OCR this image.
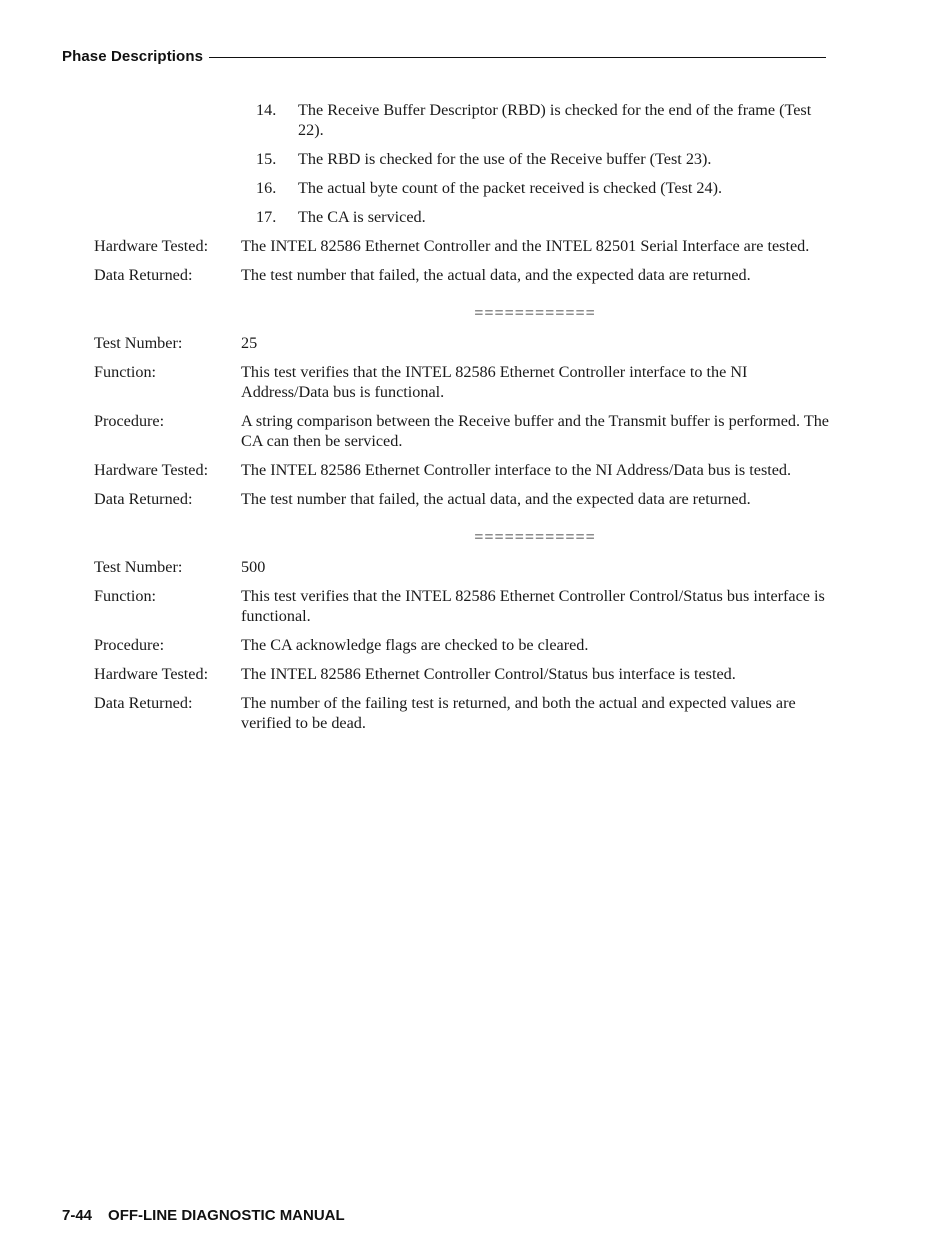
Phase Descriptions
14.	The Receive Buffer Descriptor (RBD) is checked for the end of the frame (Test 22).
15.	The RBD is checked for the use of the Receive buffer (Test 23).
16.	The actual byte count of the packet received is checked (Test 24).
17.	The CA is serviced.
Hardware Tested:	The INTEL 82586 Ethernet Controller and the INTEL 82501 Serial Interface are tested.
Data Returned:	The test number that failed, the actual data, and the expected data are returned.
============
Test Number:	25
Function:	This test verifies that the INTEL 82586 Ethernet Controller interface to the NI Address/Data bus is functional.
Procedure:	A string comparison between the Receive buffer and the Transmit buffer is performed. The CA can then be serviced.
Hardware Tested:	The INTEL 82586 Ethernet Controller interface to the NI Address/Data bus is tested.
Data Returned:	The test number that failed, the actual data, and the expected data are returned.
============
Test Number:	500
Function:	This test verifies that the INTEL 82586 Ethernet Controller Control/Status bus interface is functional.
Procedure:	The CA acknowledge flags are checked to be cleared.
Hardware Tested:	The INTEL 82586 Ethernet Controller Control/Status bus interface is tested.
Data Returned:	The number of the failing test is returned, and both the actual and expected values are verified to be dead.
7-44 OFF-LINE DIAGNOSTIC MANUAL
